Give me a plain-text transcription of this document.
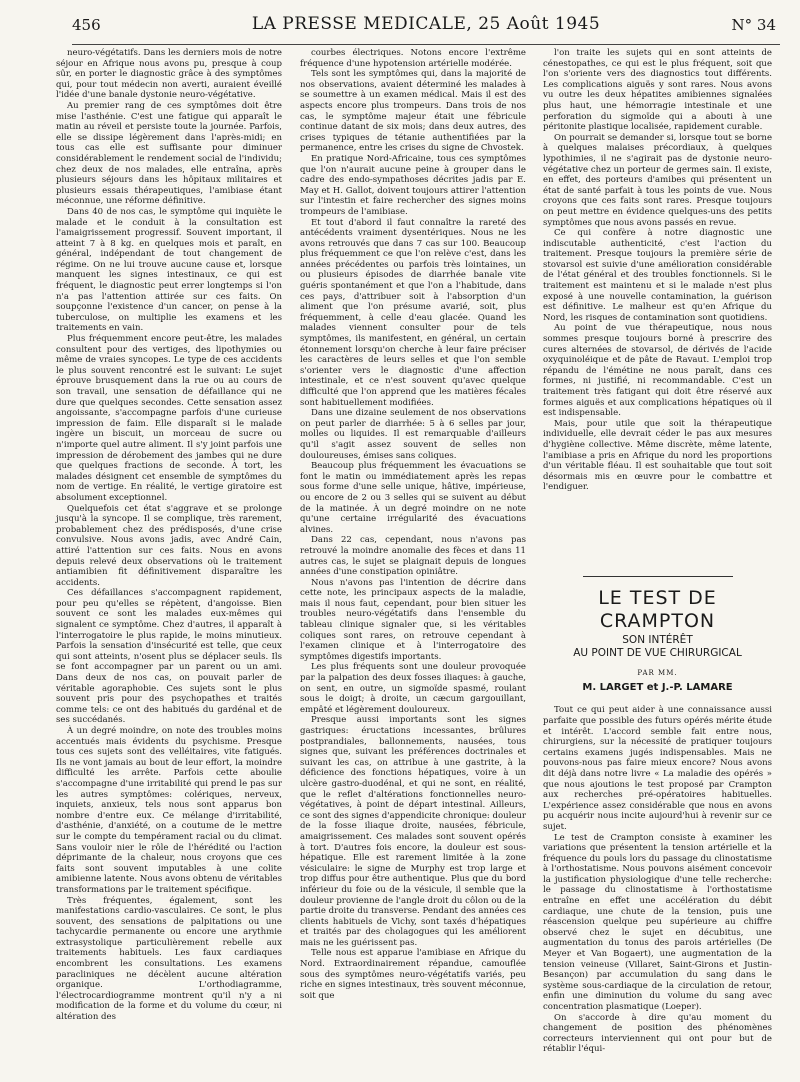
456	LA PRESSE MEDICALE, 25 Août 1945	N° 34

neuro-végétatifs. Dans les derniers mois de notre séjour en Afrique nous avons pu, presque à coup sûr, en porter le diagnostic grâce à des symptômes qui, pour tout médecin non averti, auraient éveillé l'idée d'une banale dystonie neuro-végétative.

Au premier rang de ces symptômes doit être mise l'asthénie. C'est une fatigue qui apparaît le matin au réveil et persiste toute la journée. Parfois, elle se dissipe légèrement dans l'après-midi; en tous cas elle est suffisante pour diminuer considérablement le rendement social de l'individu; chez deux de nos malades, elle entraîna, après plusieurs séjours dans les hôpitaux militaires et plusieurs essais thérapeutiques, l'amibiase étant méconnue, une réforme définitive.

Dans 40 de nos cas, le symptôme qui inquiète le malade et le conduit à la consultation est l'amaigrissement progressif. Souvent important, il atteint 7 à 8 kg. en quelques mois et paraît, en général, indépendant de tout changement de régime. On ne lui trouve aucune cause et, lorsque manquent les signes intestinaux, ce qui est fréquent, le diagnostic peut errer longtemps si l'on n'a pas l'attention attirée sur ces faits. On soupçonne l'existence d'un cancer, on pense à la tuberculose, on multiplie les examens et les traitements en vain.

Plus fréquemment encore peut-être, les malades consultent pour des vertiges, des lipothymies ou même de vraies syncopes. Le type de ces accidents le plus souvent rencontré est le suivant: Le sujet éprouve brusquement dans la rue ou au cours de son travail, une sensation de défaillance qui ne dure que quelques secondes. Cette sensation assez angoissante, s'accompagne parfois d'une curieuse impression de faim. Elle disparaît si le malade ingère un biscuit, un morceau de sucre ou n'importe quel autre aliment. Il s'y joint parfois une impression de dérobement des jambes qui ne dure que quelques fractions de seconde. À tort, les malades désignent cet ensemble de symptômes du nom de vertige. En réalité, le vertige giratoire est absolument exceptionnel.

Quelquefois cet état s'aggrave et se prolonge jusqu'à la syncope. Il se complique, très rarement, probablement chez des prédisposés, d'une crise convulsive. Nous avons jadis, avec André Cain, attiré l'attention sur ces faits. Nous en avons depuis relevé deux observations où le traitement antiamibien fit définitivement disparaître les accidents.

Ces défaillances s'accompagnent rapidement, pour peu qu'elles se répètent, d'angoisse. Bien souvent ce sont les malades eux-mêmes qui signalent ce symptôme. Chez d'autres, il apparaît à l'interrogatoire le plus rapide, le moins minutieux. Parfois la sensation d'insécurité est telle, que ceux qui sont atteints, n'osent plus se déplacer seuls. Ils se font accompagner par un parent ou un ami. Dans deux de nos cas, on pouvait parler de véritable agoraphobie. Ces sujets sont le plus souvent pris pour des psychopathes et traités comme tels: ce ont des habitués du gardénal et de ses succédanés.

À un degré moindre, on note des troubles moins accentués mais évidents du psychisme. Presque tous ces sujets sont des velléitaires, vite fatigués. Ils ne vont jamais au bout de leur effort, la moindre difficulté les arrête. Parfois cette aboulie s'accompagne d'une irritabilité qui prend le pas sur les autres symptômes: colériques, nerveux, inquiets, anxieux, tels nous sont apparus bon nombre d'entre eux. Ce mélange d'irritabilité, d'asthénie, d'anxiété, on a coutume de le mettre sur le compte du tempérament racial ou du climat. Sans vouloir nier le rôle de l'hérédité ou l'action déprimante de la chaleur, nous croyons que ces faits sont souvent imputables à une colite amibienne latente. Nous avons obtenu de véritables transformations par le traitement spécifique.

Très fréquentes, également, sont les manifestations cardio-vasculaires. Ce sont, le plus souvent, des sensations de palpitations ou une tachycardie permanente ou encore une arythmie extrasystolique particulièrement rebelle aux traitements habituels. Les faux cardiaques encombrent les consultations. Les examens paracliniques ne décèlent aucune altération organique. L'orthodiagramme, l'électrocardiogramme montrent qu'il n'y a ni modification de la forme et du volume du cœur, ni altération des

courbes électriques. Notons encore l'extrême fréquence d'une hypotension artérielle modérée.

Tels sont les symptômes qui, dans la majorité de nos observations, avaient déterminé les malades à se soumettre à un examen médical. Mais il est des aspects encore plus trompeurs. Dans trois de nos cas, le symptôme majeur était une fébricule continue datant de six mois; dans deux autres, des crises typiques de tétanie authentifiées par la permanence, entre les crises du signe de Chvostek.

En pratique Nord-Africaine, tous ces symptômes que l'on n'aurait aucune peine à grouper dans le cadre des endo-sympathoses décrites jadis par E. May et H. Gallot, doivent toujours attirer l'attention sur l'intestin et faire rechercher des signes moins trompeurs de l'amibiase.

Et tout d'abord il faut connaître la rareté des antécédents vraiment dysentériques. Nous ne les avons retrouvés que dans 7 cas sur 100. Beaucoup plus fréquemment ce que l'on relève c'est, dans les années précédentes ou parfois très lointaines, un ou plusieurs épisodes de diarrhée banale vite guéris spontanément et que l'on a l'habitude, dans ces pays, d'attribuer soit à l'absorption d'un aliment que l'on présume avarié, soit, plus fréquemment, à celle d'eau glacée. Quand les malades viennent consulter pour de tels symptômes, ils manifestent, en général, un certain étonnement lorsqu'on cherche à leur faire préciser les caractères de leurs selles et que l'on semble s'orienter vers le diagnostic d'une affection intestinale, et ce n'est souvent qu'avec quelque difficulté que l'on apprend que les matières fécales sont habituellement modifiées.

Dans une dizaine seulement de nos observations on peut parler de diarrhée: 5 à 6 selles par jour, molles ou liquides. Il est remarquable d'ailleurs qu'il s'agit assez souvent de selles non douloureuses, émises sans coliques.

Beaucoup plus fréquemment les évacuations se font le matin ou immédiatement après les repas sous forme d'une selle unique, hâtive, impérieuse, ou encore de 2 ou 3 selles qui se suivent au début de la matinée. À un degré moindre on ne note qu'une certaine irrégularité des évacuations alvines.

Dans 22 cas, cependant, nous n'avons pas retrouvé la moindre anomalie des fèces et dans 11 autres cas, le sujet se plaignait depuis de longues années d'une constipation opiniâtre.

Nous n'avons pas l'intention de décrire dans cette note, les principaux aspects de la maladie, mais il nous faut, cependant, pour bien situer les troubles neuro-végétatifs dans l'ensemble du tableau clinique signaler que, si les véritables coliques sont rares, on retrouve cependant à l'examen clinique et à l'interrogatoire des symptômes digestifs importants.

Les plus fréquents sont une douleur provoquée par la palpation des deux fosses iliaques: à gauche, on sent, en outre, un sigmoïde spasmé, roulant sous le doigt; à droite, un cæcum gargouillant, empâté et légèrement douloureux.

Presque aussi importants sont les signes gastriques: éructations incessantes, brûlures postprandiales, ballonnements, nausées, tous signes que, suivant les préférences doctrinales et suivant les cas, on attribue à une gastrite, à la déficience des fonctions hépatiques, voire à un ulcère gastro-duodénal, et qui ne sont, en réalité, que le reflet d'altérations fonctionnelles neuro-végétatives, à point de départ intestinal. Ailleurs, ce sont des signes d'appendicite chronique: douleur de la fosse iliaque droite, nausées, fébricule, amaigrissement. Ces malades sont souvent opérés à tort. D'autres fois encore, la douleur est sous-hépatique. Elle est rarement limitée à la zone vésiculaire: le signe de Murphy est trop large et trop diffus pour être authentique. Plus que du bord inférieur du foie ou de la vésicule, il semble que la douleur provienne de l'angle droit du côlon ou de la partie droite du transverse. Pendant des années ces clients habituels de Vichy, sont taxés d'hépatiques et traités par des cholagogues qui les améliorent mais ne les guérissent pas.

Telle nous est apparue l'amibiase en Afrique du Nord. Extraordinairement répandue, camouflée sous des symptômes neuro-végétatifs variés, peu riche en signes intestinaux, très souvent méconnue, soit que

l'on traite les sujets qui en sont atteints de cénestopathes, ce qui est le plus fréquent, soit que l'on s'oriente vers des diagnostics tout différents. Les complications aiguës y sont rares. Nous avons vu outre les deux hépatites amibiennes signalées plus haut, une hémorragie intestinale et une perforation du sigmoïde qui a abouti à une péritonite plastique localisée, rapidement curable.

On pourrait se demander si, lorsque tout se borne à quelques malaises précordiaux, à quelques lypothimies, il ne s'agirait pas de dystonie neuro-végétative chez un porteur de germes sain. Il existe, en effet, des porteurs d'amibes qui présentent un état de santé parfait à tous les points de vue. Nous croyons que ces faits sont rares. Presque toujours on peut mettre en évidence quelques-uns des petits symptômes que nous avons passés en revue.

Ce qui confère à notre diagnostic une indiscutable authenticité, c'est l'action du traitement. Presque toujours la première série de stovarsol est suivie d'une amélioration considérable de l'état général et des troubles fonctionnels. Si le traitement est maintenu et si le malade n'est plus exposé à une nouvelle contamination, la guérison est définitive. Le malheur est qu'en Afrique du Nord, les risques de contamination sont quotidiens.

Au point de vue thérapeutique, nous nous sommes presque toujours borné à prescrire des cures alternées de stovarsol, de dérivés de l'acide oxyquinoléique et de pâte de Ravaut. L'emploi trop répandu de l'émétine ne nous paraît, dans ces formes, ni justifié, ni recommandable. C'est un traitement très fatigant qui doit être réservé aux formes aiguës et aux complications hépatiques où il est indispensable.

Mais, pour utile que soit la thérapeutique individuelle, elle devrait céder le pas aux mesures d'hygiène collective. Même discrète, même latente, l'amibiase a pris en Afrique du nord les proportions d'un véritable fléau. Il est souhaitable que tout soit désormais mis en œuvre pour le combattre et l'endiguer.

LE TEST DE CRAMPTON
SON INTÉRÊT
AU POINT DE VUE CHIRURGICAL
PAR MM.
M. LARGET et J.-P. LAMARE

Tout ce qui peut aider à une connaissance aussi parfaite que possible des futurs opérés mérite étude et intérêt. L'accord semble fait entre nous, chirurgiens, sur la nécessité de pratiquer toujours certains examens jugés indispensables. Mais ne pouvons-nous pas faire mieux encore? Nous avons dit déjà dans notre livre « La maladie des opérés » que nous ajoutions le test proposé par Crampton aux recherches pré-opératoires habituelles. L'expérience assez considérable que nous en avons pu acquérir nous incite aujourd'hui à revenir sur ce sujet.

Le test de Crampton consiste à examiner les variations que présentent la tension artérielle et la fréquence du pouls lors du passage du clinostatisme à l'orthostatisme. Nous pouvons aisément concevoir la justification physiologique d'une telle recherche: le passage du clinostatisme à l'orthostatisme entraîne en effet une accélération du débit cardiaque, une chute de la tension, puis une réascension quelque peu supérieure au chiffre observé chez le sujet en décubitus, une augmentation du tonus des parois artérielles (De Meyer et Van Bogaert), une augmentation de la tension veineuse (Villaret, Saint-Girons et Justin-Besançon) par accumulation du sang dans le système sous-cardiaque de la circulation de retour, enfin une diminution du volume du sang avec concentration plasmatique (Loeper).

On s'accorde à dire qu'au moment du changement de position des phénomènes correcteurs interviennent qui ont pour but de rétablir l'équi-
